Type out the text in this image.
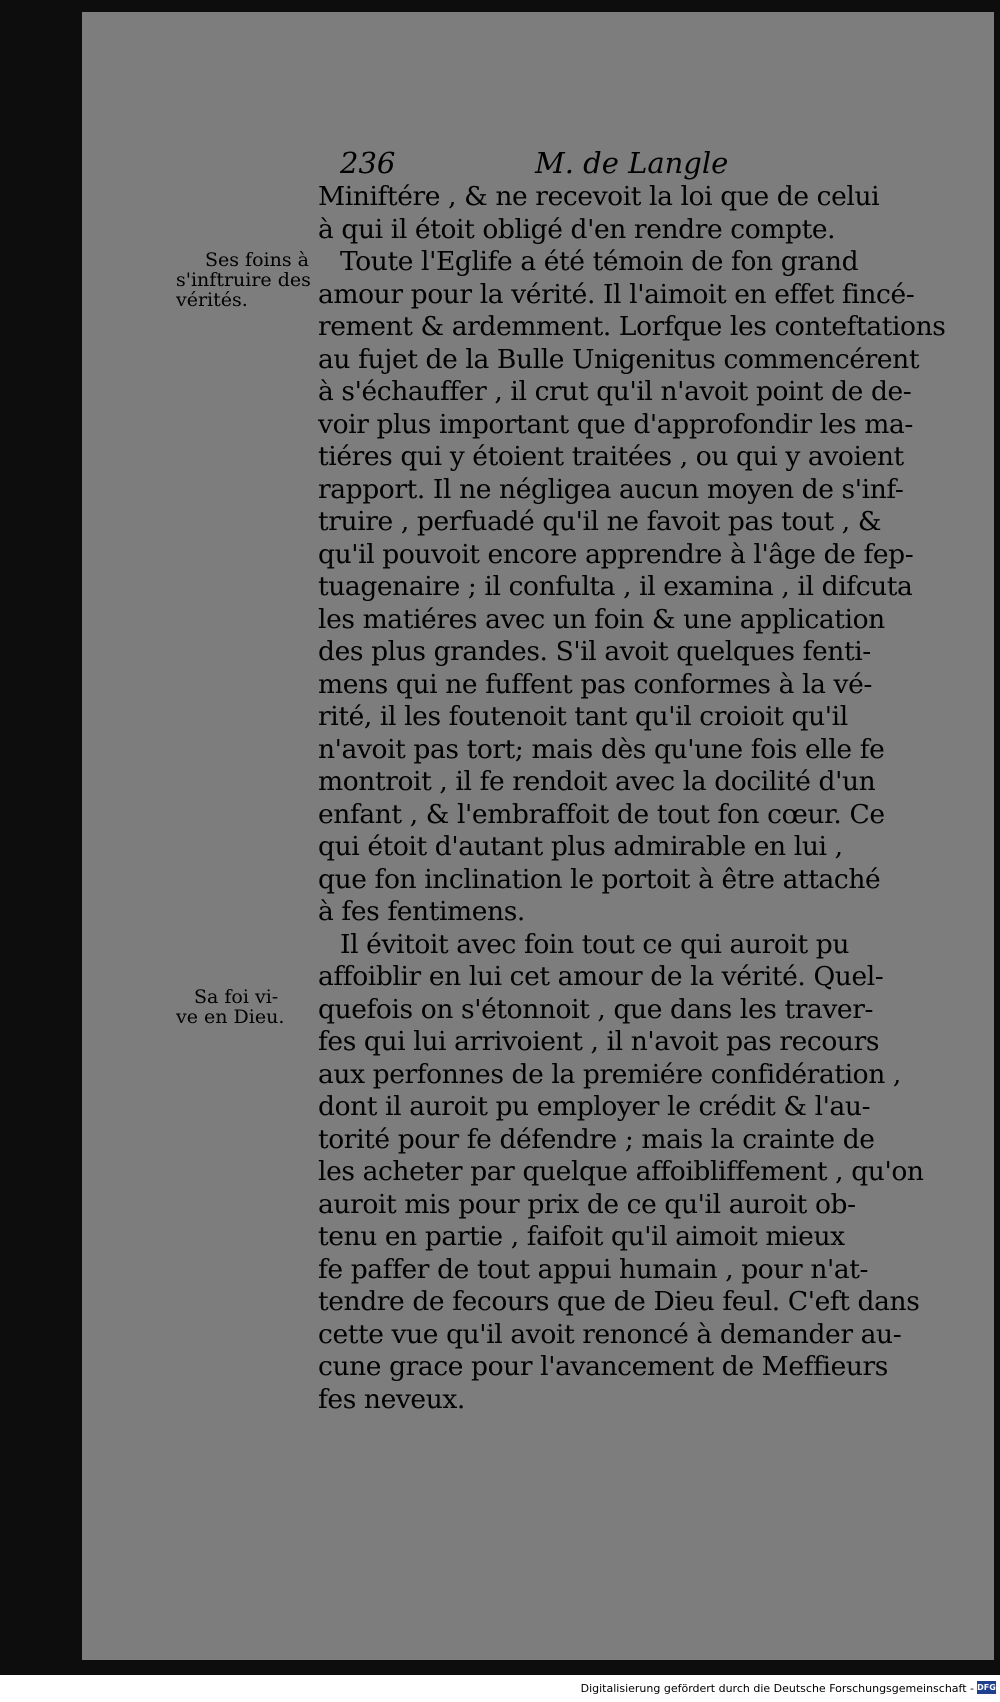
236	M. de Langle
Ses foins à
s'inftruire des
vérités.
Sa foi vi-
ve en Dieu.
Miniftére , & ne recevoit la loi que de celui
à qui il étoit obligé d'en rendre compte.
Toute l'Eglife a été témoin de fon grand
amour pour la vérité. Il l'aimoit en effet fincé-
rement & ardemment. Lorfque les conteftations
au fujet de la Bulle Unigenitus commencérent
à s'échauffer , il crut qu'il n'avoit point de de-
voir plus important que d'approfondir les ma-
tiéres qui y étoient traitées , ou qui y avoient
rapport. Il ne négligea aucun moyen de s'inf-
truire , perfuadé qu'il ne favoit pas tout , &
qu'il pouvoit encore apprendre à l'âge de fep-
tuagenaire ; il confulta , il examina , il difcuta
les matiéres avec un foin & une application
des plus grandes. S'il avoit quelques fenti-
mens qui ne fuffent pas conformes à la vé-
rité, il les foutenoit tant qu'il croioit qu'il
n'avoit pas tort; mais dès qu'une fois elle fe
montroit , il fe rendoit avec la docilité d'un
enfant , & l'embraffoit de tout fon cœur. Ce
qui étoit d'autant plus admirable en lui ,
que fon inclination le portoit à être attaché
à fes fentimens.
Il évitoit avec foin tout ce qui auroit pu
affoiblir en lui cet amour de la vérité. Quel-
quefois on s'étonnoit , que dans les traver-
fes qui lui arrivoient , il n'avoit pas recours
aux perfonnes de la premiére confidération ,
dont il auroit pu employer le crédit & l'au-
torité pour fe défendre ; mais la crainte de
les acheter par quelque affoibliffement , qu'on
auroit mis pour prix de ce qu'il auroit ob-
tenu en partie , faifoit qu'il aimoit mieux
fe paffer de tout appui humain , pour n'at-
tendre de fecours que de Dieu feul. C'eft dans
cette vue qu'il avoit renoncé à demander au-
cune grace pour l'avancement de Meffieurs
fes neveux.
Digitalisierung gefördert durch die Deutsche Forschungsgemeinschaft - DFG
